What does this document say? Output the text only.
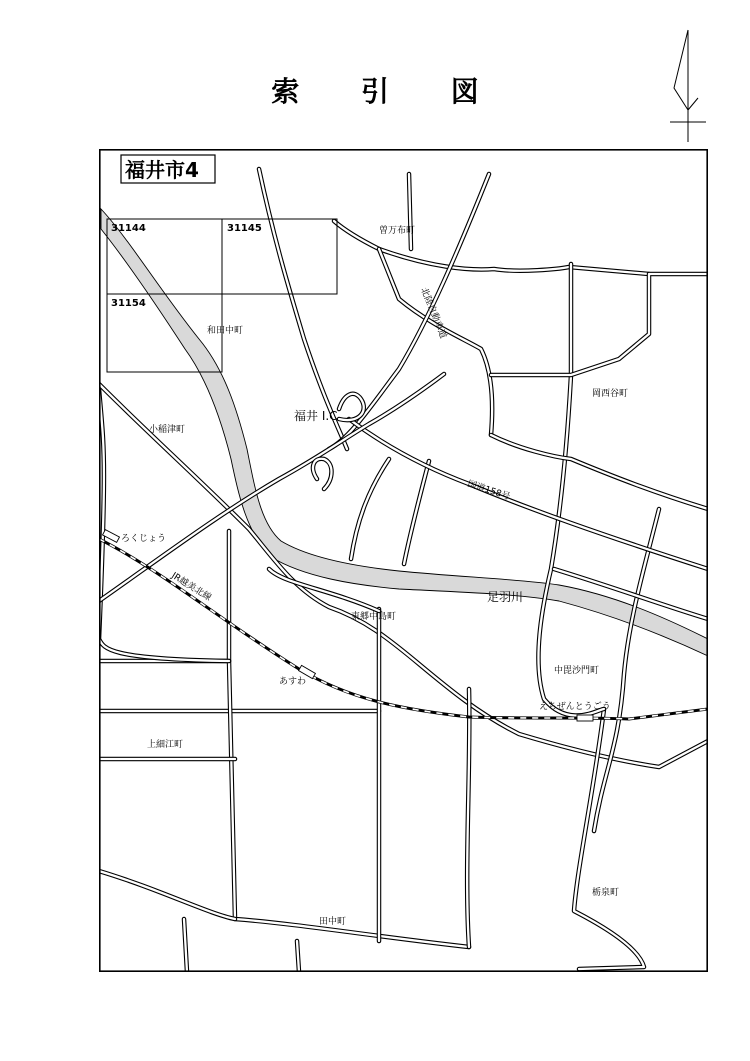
索 引 図
福井市4
31144	31145
31154
曽万布町
和田中町
岡西谷町
小稲津町
東郷中島町
中毘沙門町
上細江町
田中町
栃泉町
福井 I.C
足羽川
北陸自動車道
国道158号
JR越美北線
ろくじょう
あすわ
えちぜんとうごう
